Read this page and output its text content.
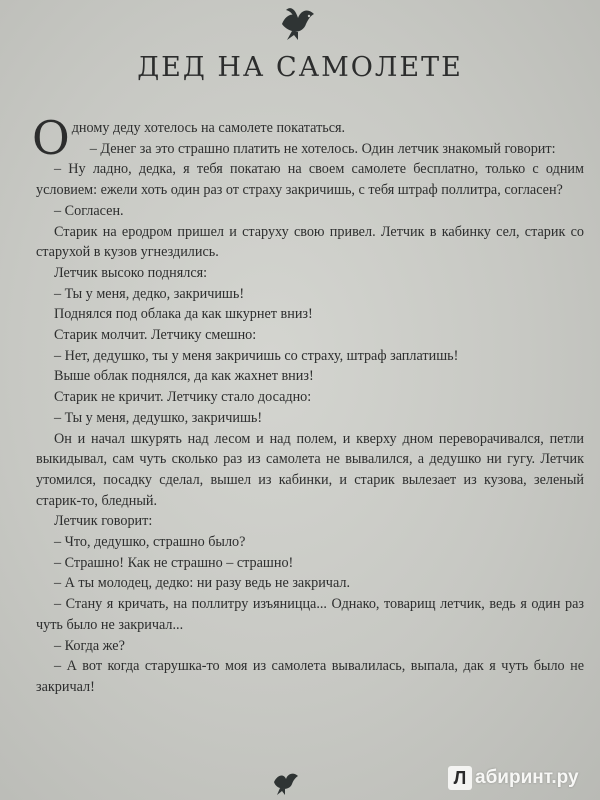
ДЕД НА САМОЛЕТЕ

Одному деду хотелось на самолете покататься.

– Денег за это страшно платить не хотелось. Один летчик знакомый говорит:

– Ну ладно, дедка, я тебя покатаю на своем самолете бесплатно, только с одним условием: ежели хоть один раз от страху закричишь, с тебя штраф поллитра, согласен?

– Согласен.

Старик на еродром пришел и старуху свою привел. Летчик в кабинку сел, старик со старухой в кузов угнездились.

Летчик высоко поднялся:

– Ты у меня, дедко, закричишь!

Поднялся под облака да как шкурнет вниз!

Старик молчит. Летчику смешно:

– Нет, дедушко, ты у меня закричишь со страху, штраф заплатишь!

Выше облак поднялся, да как жахнет вниз!

Старик не кричит. Летчику стало досадно:

– Ты у меня, дедушко, закричишь!

Он и начал шкурять над лесом и над полем, и кверху дном переворачивался, петли выкидывал, сам чуть сколько раз из самолета не вывалился, а дедушко ни гугу. Летчик утомился, посадку сделал, вышел из кабинки, и старик вылезает из кузова, зеленый старик-то, бледный.

Летчик говорит:

– Что, дедушко, страшно было?

– Страшно! Как не страшно – страшно!

– А ты молодец, дедко: ни разу ведь не закричал.

– Стану я кричать, на поллитру изъяницца... Однако, товарищ летчик, ведь я один раз чуть было не закричал...

– Когда же?

– А вот когда старушка-то моя из самолета вывалилась, выпала, дак я чуть было не закричал!

Л абиринт.ру
